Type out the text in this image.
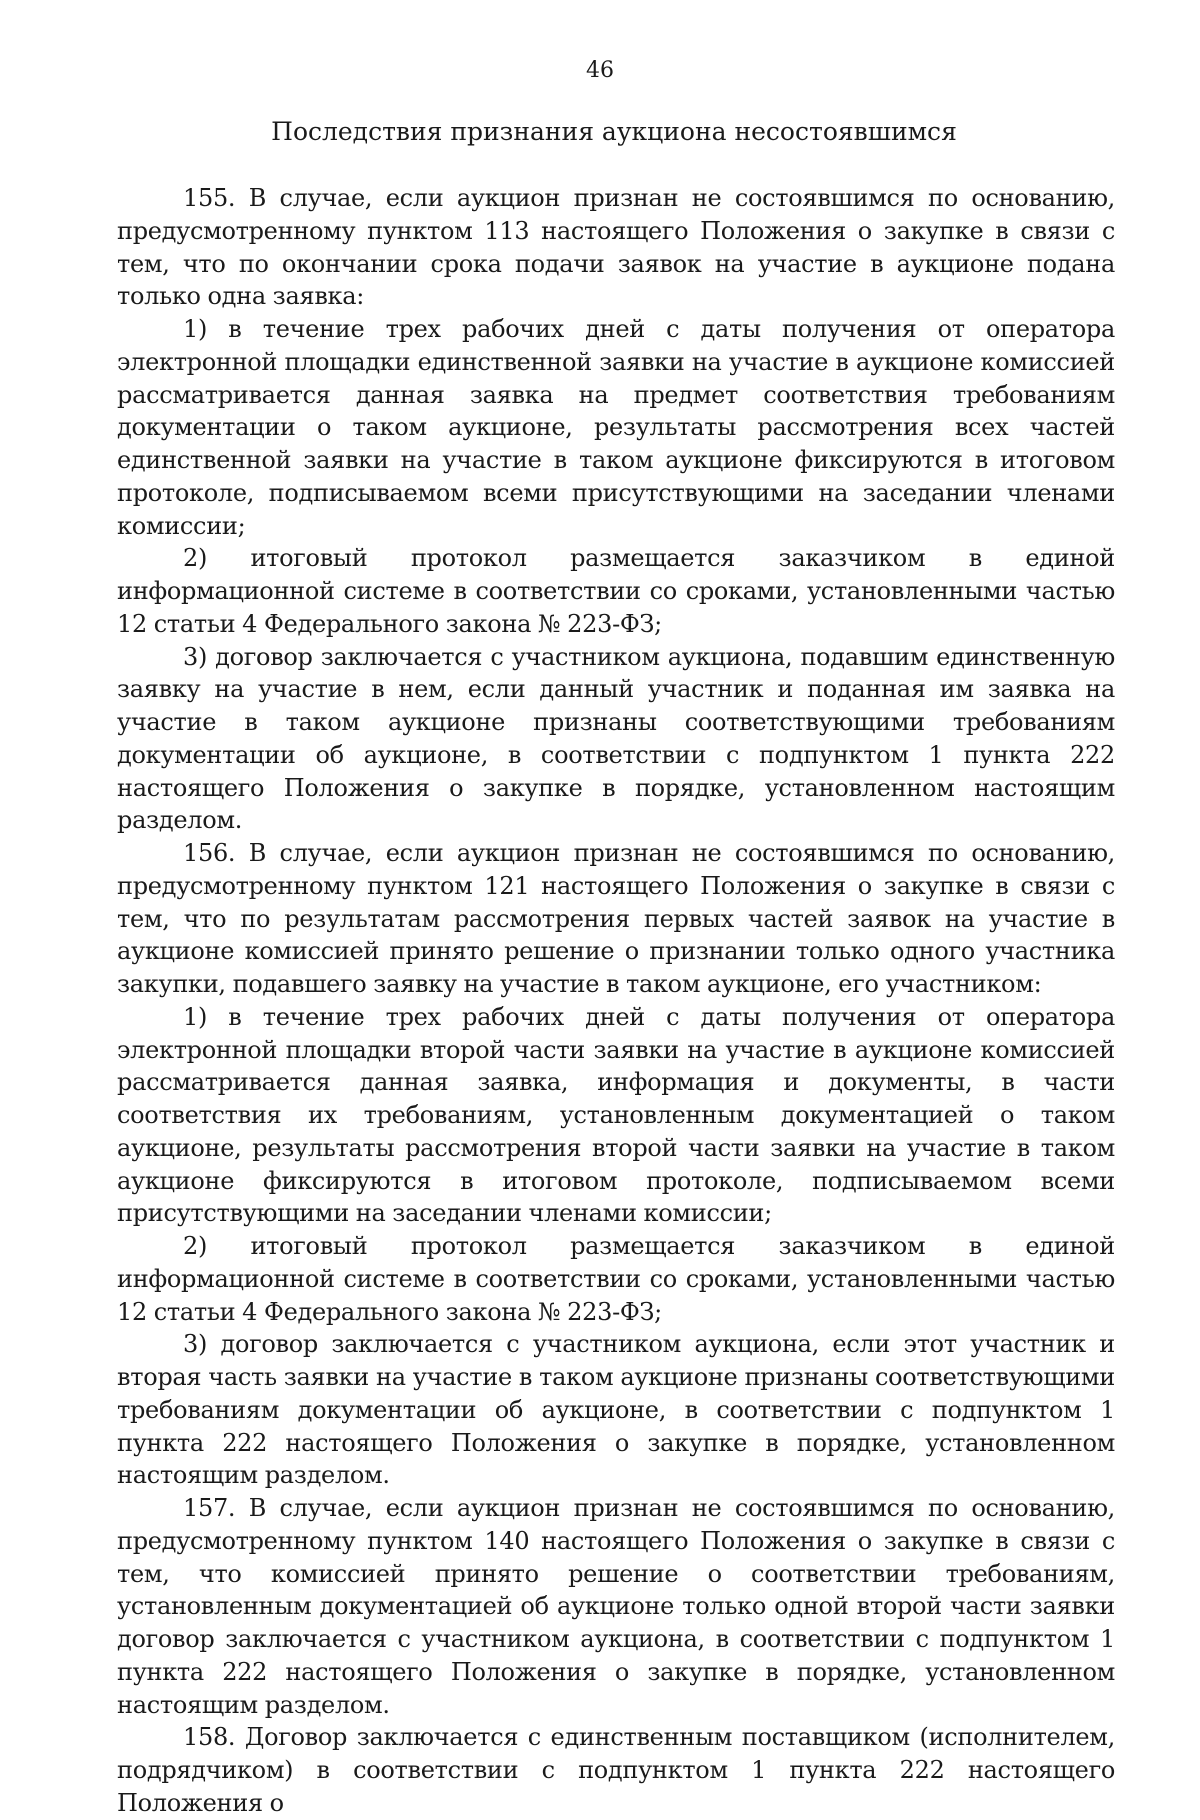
46
Последствия признания аукциона несостоявшимся

155. В случае, если аукцион признан не состоявшимся по основанию, предусмотренному пунктом 113 настоящего Положения о закупке в связи с тем, что по окончании срока подачи заявок на участие в аукционе подана только одна заявка:

1) в течение трех рабочих дней с даты получения от оператора электронной площадки единственной заявки на участие в аукционе комиссией рассматривается данная заявка на предмет соответствия требованиям документации о таком аукционе, результаты рассмотрения всех частей единственной заявки на участие в таком аукционе фиксируются в итоговом протоколе, подписываемом всеми присутствующими на заседании членами комиссии;

2) итоговый протокол размещается заказчиком в единой информационной системе в соответствии со сроками, установленными частью 12 статьи 4 Федерального закона № 223-ФЗ;

3) договор заключается с участником аукциона, подавшим единственную заявку на участие в нем, если данный участник и поданная им заявка на участие в таком аукционе признаны соответствующими требованиям документации об аукционе, в соответствии с подпунктом 1 пункта 222 настоящего Положения о закупке в порядке, установленном настоящим разделом.

156. В случае, если аукцион признан не состоявшимся по основанию, предусмотренному пунктом 121 настоящего Положения о закупке в связи с тем, что по результатам рассмотрения первых частей заявок на участие в аукционе комиссией принято решение о признании только одного участника закупки, подавшего заявку на участие в таком аукционе, его участником:

1) в течение трех рабочих дней с даты получения от оператора электронной площадки второй части заявки на участие в аукционе комиссией рассматривается данная заявка, информация и документы, в части соответствия их требованиям, установленным документацией о таком аукционе, результаты рассмотрения второй части заявки на участие в таком аукционе фиксируются в итоговом протоколе, подписываемом всеми присутствующими на заседании членами комиссии;

2) итоговый протокол размещается заказчиком в единой информационной системе в соответствии со сроками, установленными частью 12 статьи 4 Федерального закона № 223-ФЗ;

3) договор заключается с участником аукциона, если этот участник и вторая часть заявки на участие в таком аукционе признаны соответствующими требованиям документации об аукционе, в соответствии с подпунктом 1 пункта 222 настоящего Положения о закупке в порядке, установленном настоящим разделом.

157. В случае, если аукцион признан не состоявшимся по основанию, предусмотренному пунктом 140 настоящего Положения о закупке в связи с тем, что комиссией принято решение о соответствии требованиям, установленным документацией об аукционе только одной второй части заявки договор заключается с участником аукциона, в соответствии с подпунктом 1 пункта 222 настоящего Положения о закупке в порядке, установленном настоящим разделом.

158. Договор заключается с единственным поставщиком (исполнителем, подрядчиком) в соответствии с подпунктом 1 пункта 222 настоящего Положения о
